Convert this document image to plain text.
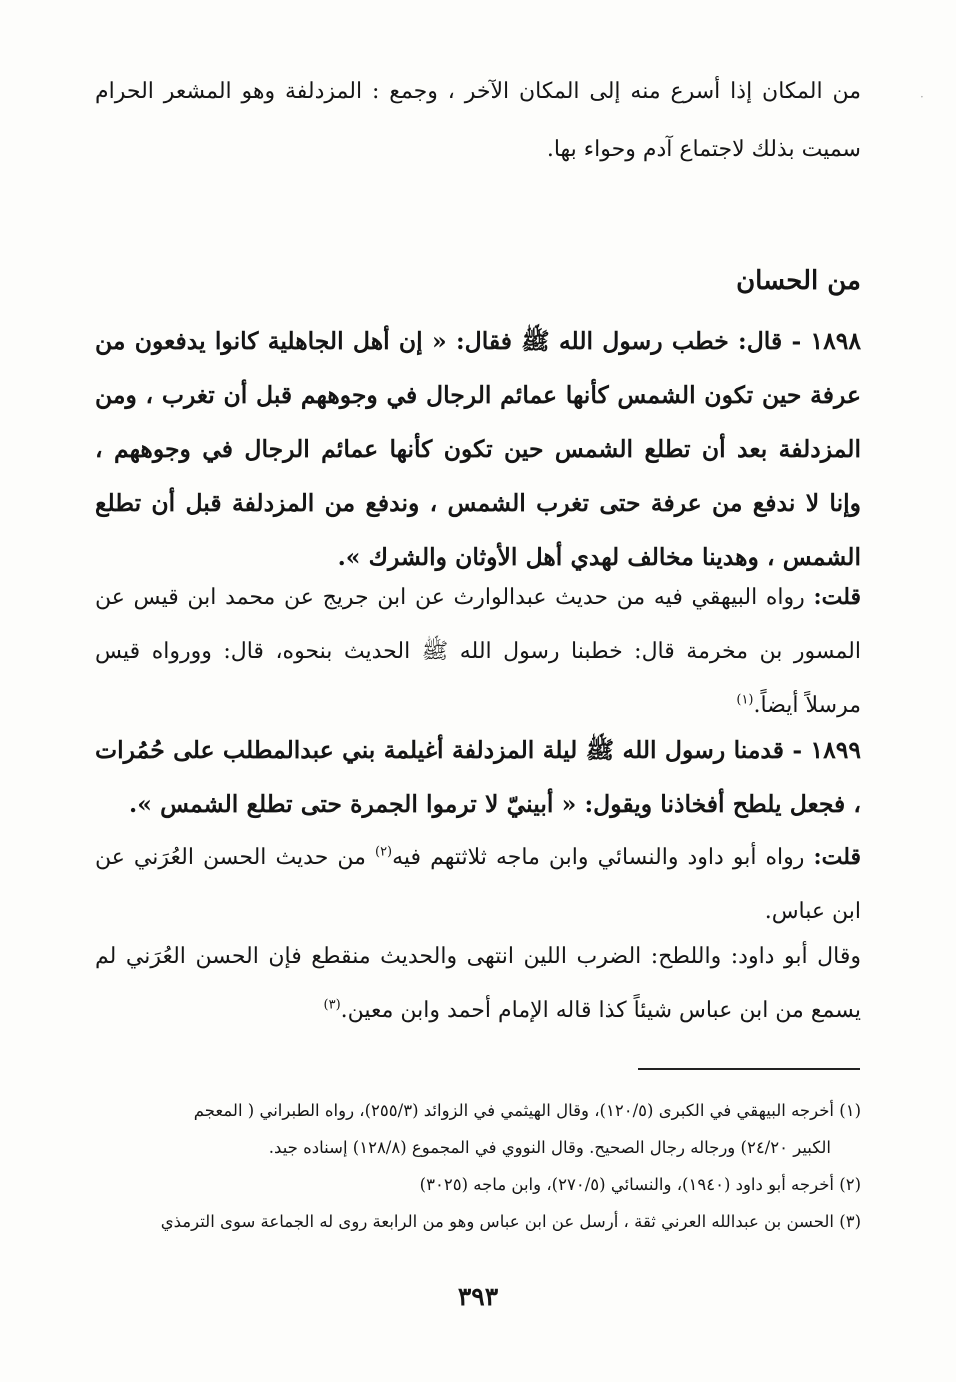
·

من المكان إذا أسرع منه إلى المكان الآخر ، وجمع : المزدلفة وهو المشعر الحرام سميت بذلك لاجتماع آدم وحواء بها.

من الحسان

١٨٩٨ - قال: خطب رسول الله ﷺ فقال: « إن أهل الجاهلية كانوا يدفعون من عرفة حين تكون الشمس كأنها عمائم الرجال في وجوههم قبل أن تغرب ، ومن المزدلفة بعد أن تطلع الشمس حين تكون كأنها عمائم الرجال في وجوههم ، وإنا لا ندفع من عرفة حتى تغرب الشمس ، وندفع من المزدلفة قبل أن تطلع الشمس ، وهدينا مخالف لهدي أهل الأوثان والشرك ».

قلت: رواه البيهقي فيه من حديث عبدالوارث عن ابن جريج عن محمد ابن قيس عن المسور بن مخرمة قال: خطبنا رسول الله ﷺ الحديث بنحوه، قال: وورواه قيس مرسلاً أيضاً.$^{(١)}$

١٨٩٩ - قدمنا رسول الله ﷺ ليلة المزدلفة أغيلمة بني عبدالمطلب على حُمُرات ، فجعل يلطح أفخاذنا ويقول: « أبينيّ لا ترموا الجمرة حتى تطلع الشمس ».

قلت: رواه أبو داود والنسائي وابن ماجه ثلاثتهم فيه$^{(٢)}$ من حديث الحسن العُرَني عن ابن عباس.

وقال أبو داود: واللطح: الضرب اللين انتهى والحديث منقطع فإن الحسن العُرَني لم يسمع من ابن عباس شيئاً كذا قاله الإمام أحمد وابن معين.$^{(٣)}$

(١) أخرجه البيهقي في الكبرى (١٢٠/٥)، وقال الهيثمي في الزوائد (٢٥٥/٣)، رواه الطبراني ( المعجم

الكبير ٢٤/٢٠) ورجاله رجال الصحيح. وقال النووي في المجموع (١٢٨/٨) إسناده جيد.

(٢) أخرجه أبو داود (١٩٤٠)، والنسائي (٢٧٠/٥)، وابن ماجه (٣٠٢٥)

(٣) الحسن بن عبدالله العرني ثقة ، أرسل عن ابن عباس وهو من الرابعة روى له الجماعة سوى الترمذي

٣٩٣
